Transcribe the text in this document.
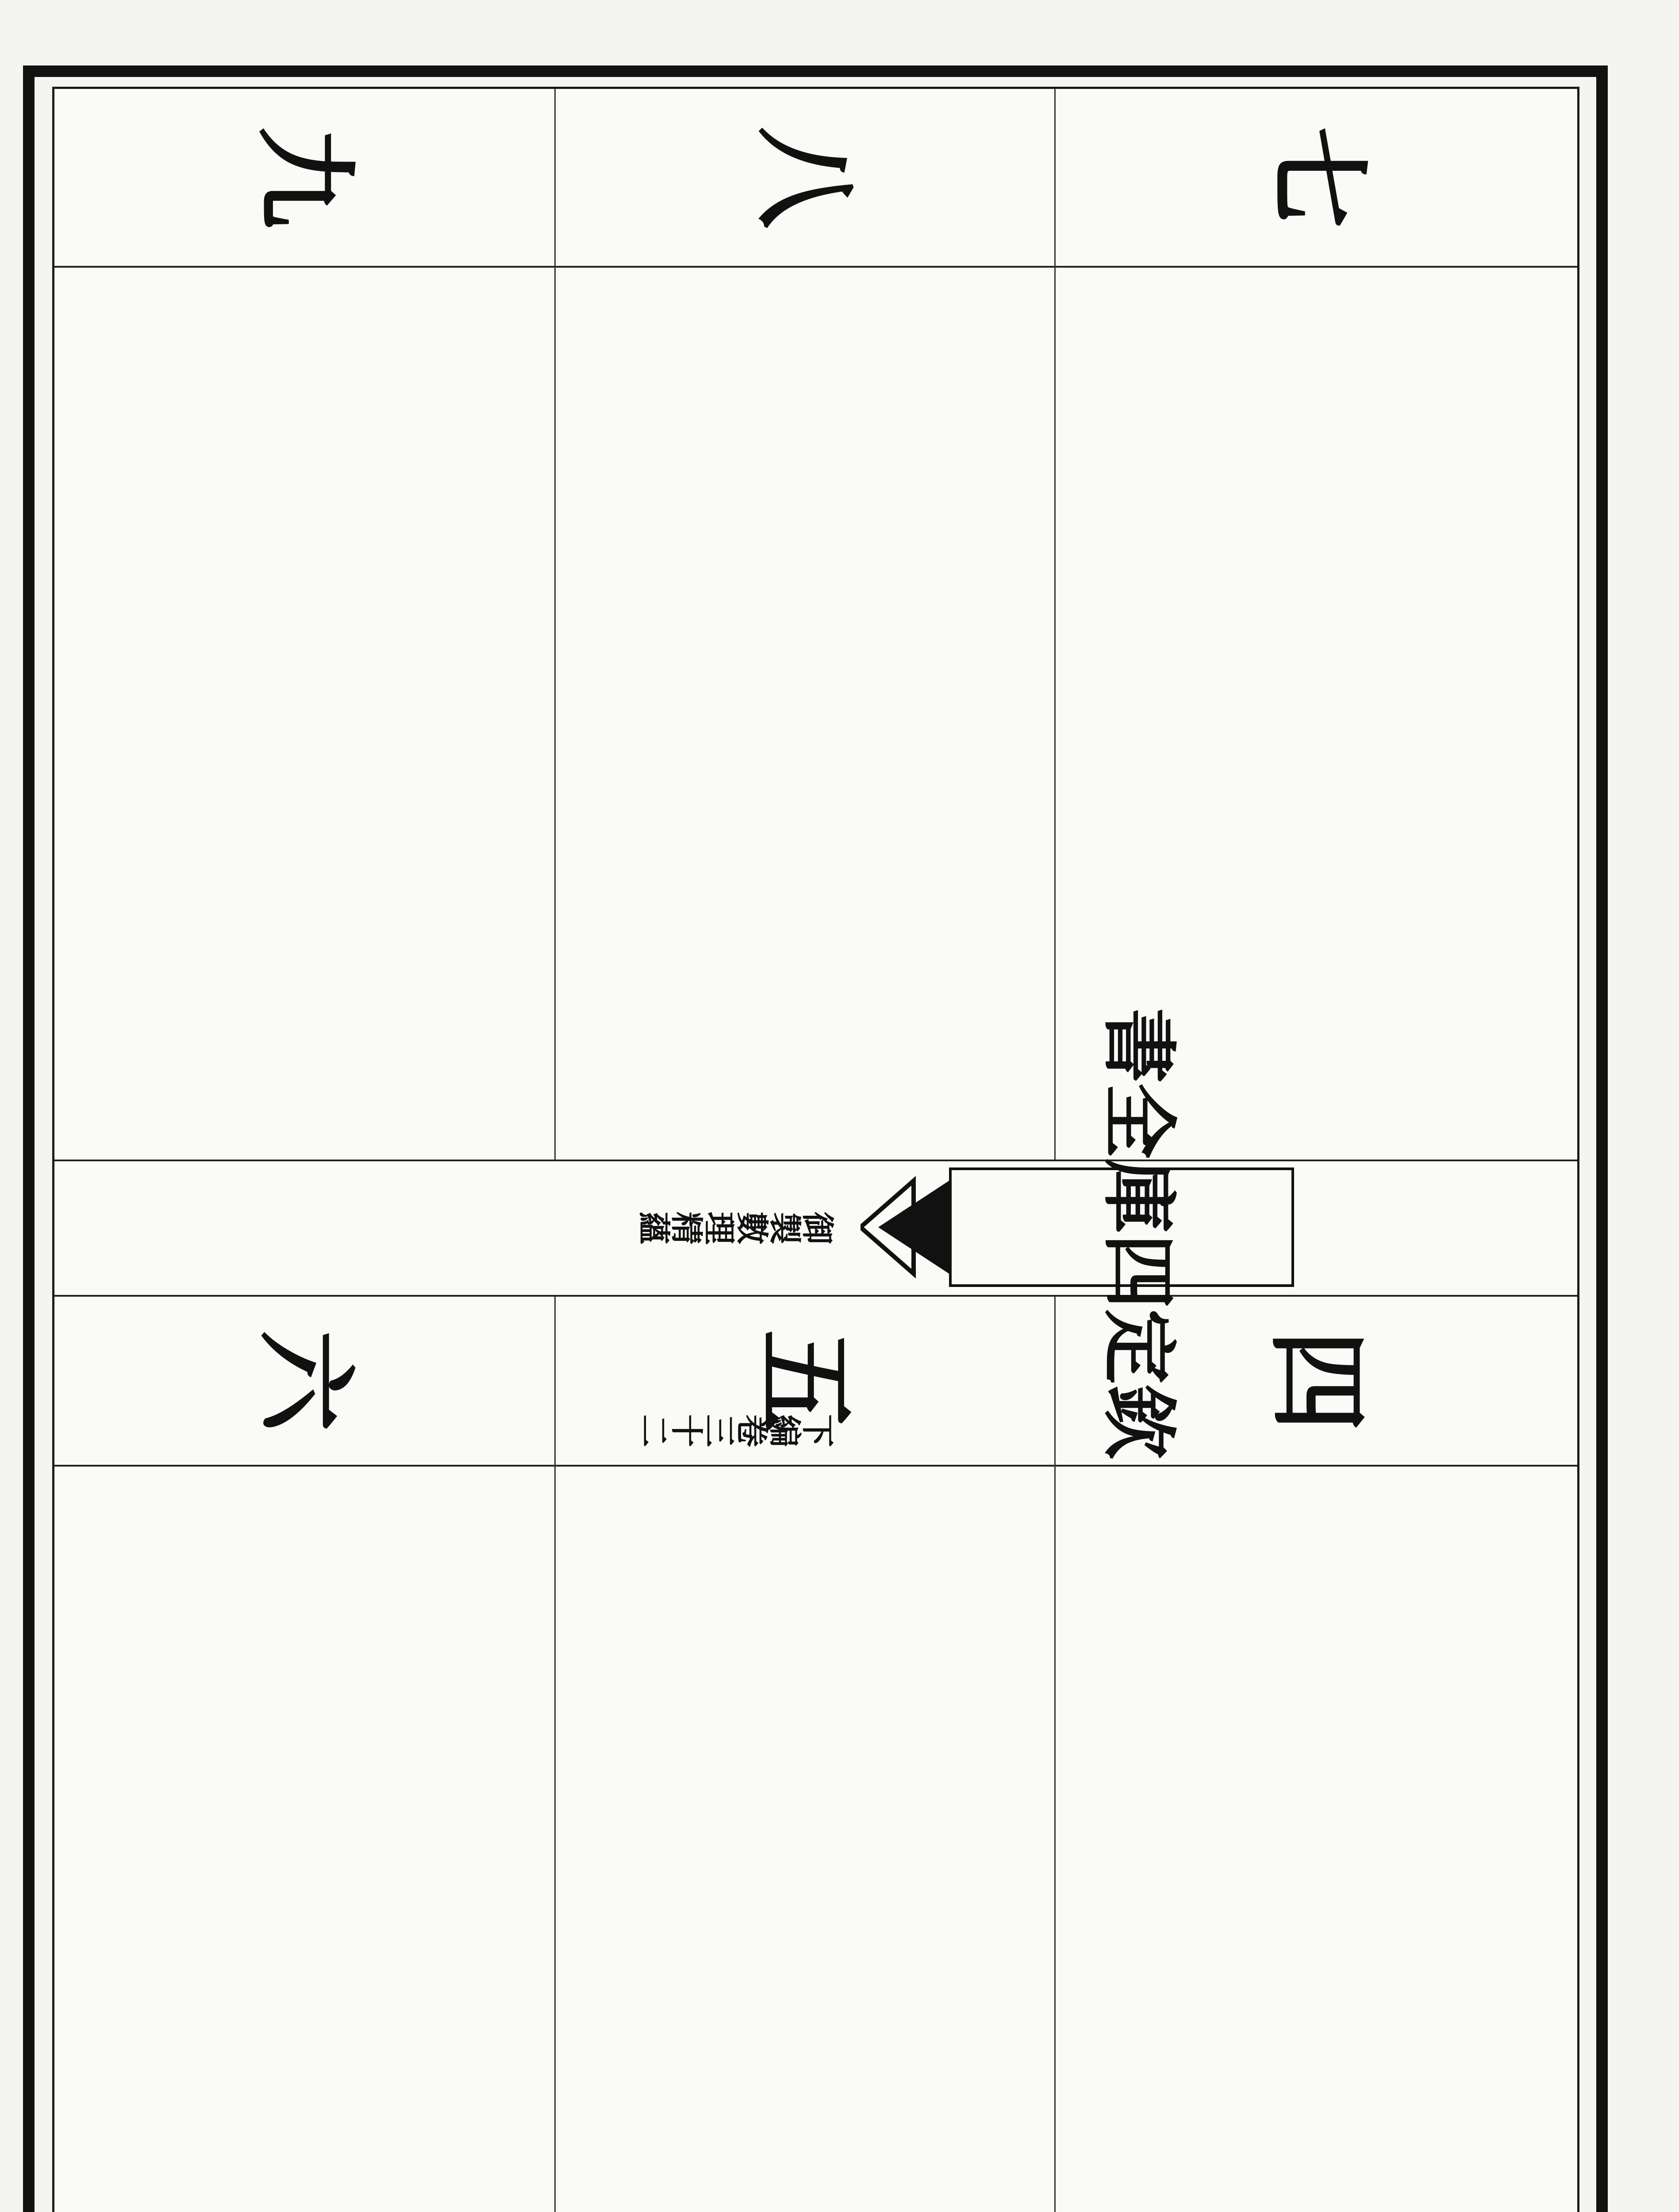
九	八	七
欽定四庫全書
御製數理精蘊
下編卷三十二
六	五	四
